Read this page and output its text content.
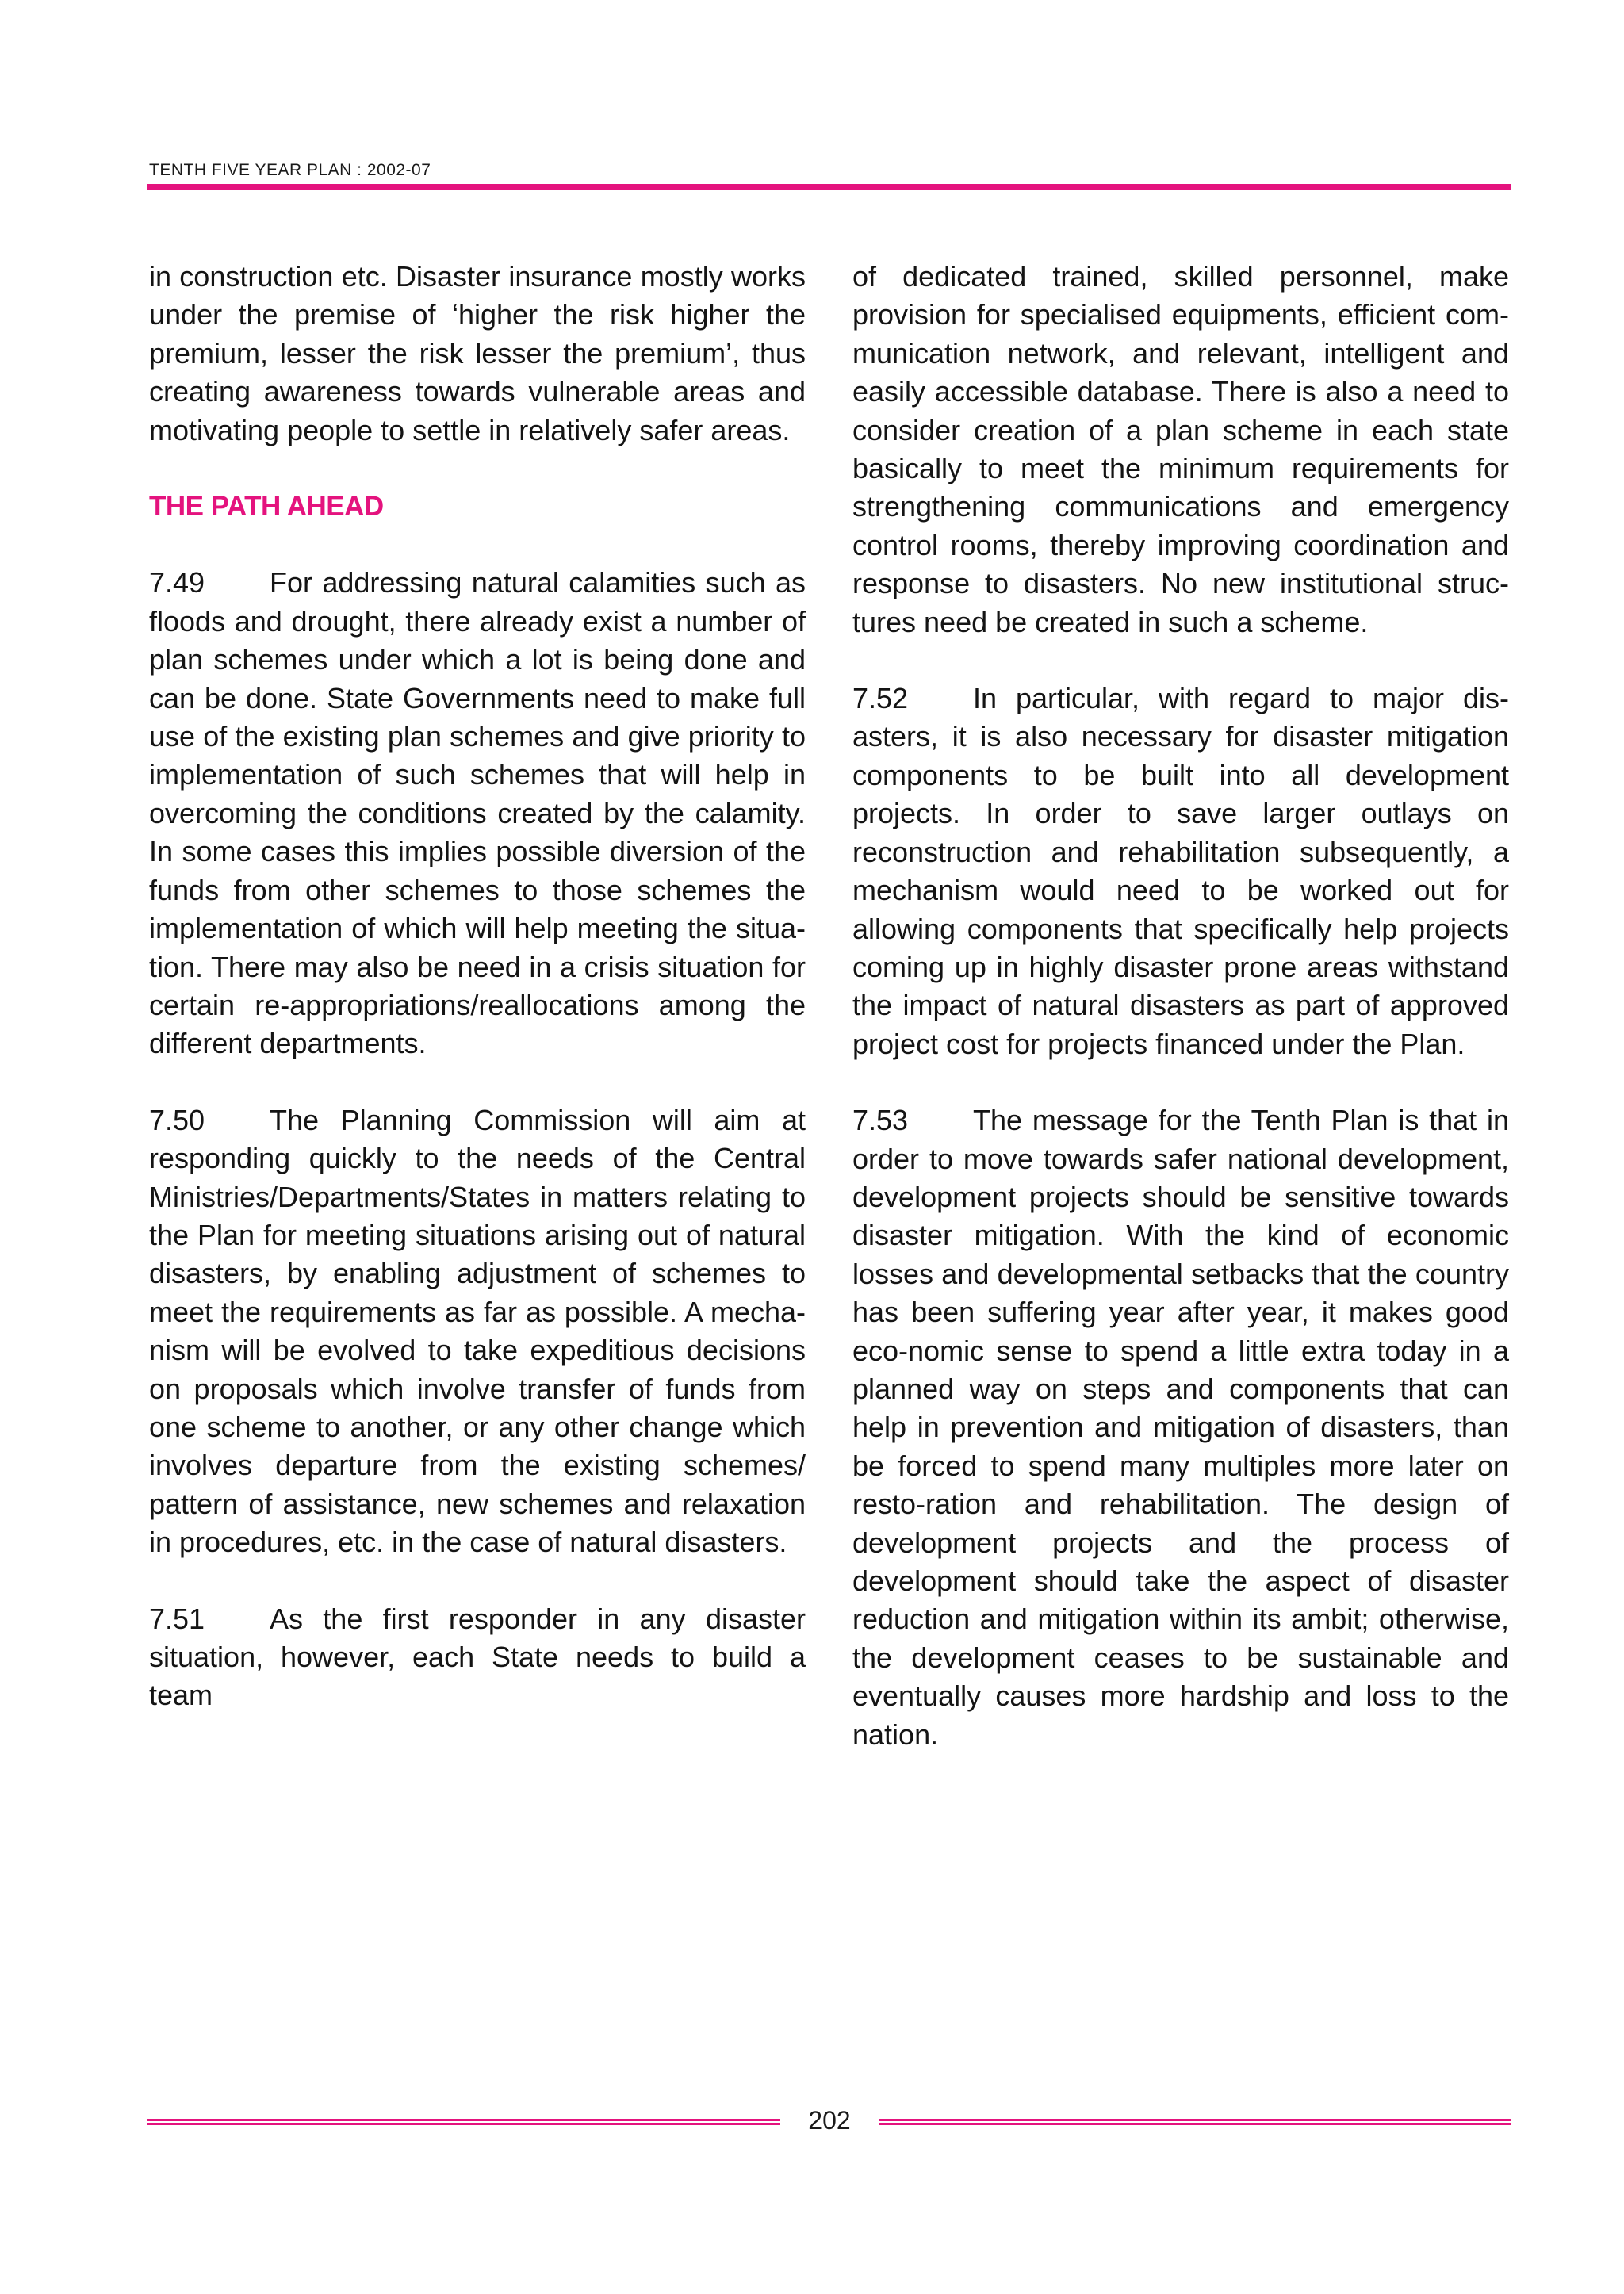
TENTH FIVE YEAR PLAN : 2002-07

in construction etc. Disaster insurance mostly works under the premise of ‘higher the risk higher the premium, lesser the risk lesser the premium’, thus creating awareness towards vulnerable areas and motivating people to settle in relatively safer areas.

THE PATH AHEAD

7.49 For addressing natural calamities such as floods and drought, there already exist a number of plan schemes under which a lot is being done and can be done. State Governments need to make full use of the existing plan schemes and give priority to implementation of such schemes that will help in overcoming the conditions created by the calamity. In some cases this implies possible diversion of the funds from other schemes to those schemes the implementation of which will help meeting the situa-tion. There may also be need in a crisis situation for certain re-appropriations/reallocations among the different departments.

7.50 The Planning Commission will aim at responding quickly to the needs of the Central Ministries/Departments/States in matters relating to the Plan for meeting situations arising out of natural disasters, by enabling adjustment of schemes to meet the requirements as far as possible. A mecha-nism will be evolved to take expeditious decisions on proposals which involve transfer of funds from one scheme to another, or any other change which involves departure from the existing schemes/ pattern of assistance, new schemes and relaxation in procedures, etc. in the case of natural disasters.

7.51 As the first responder in any disaster situation, however, each State needs to build a team

of dedicated trained, skilled personnel, make provision for specialised equipments, efficient com-munication network, and relevant, intelligent and easily accessible database. There is also a need to consider creation of a plan scheme in each state basically to meet the minimum requirements for strengthening communications and emergency control rooms, thereby improving coordination and response to disasters. No new institutional struc-tures need be created in such a scheme.

7.52 In particular, with regard to major dis-asters, it is also necessary for disaster mitigation components to be built into all development projects. In order to save larger outlays on reconstruction and rehabilitation subsequently, a mechanism would need to be worked out for allowing components that specifically help projects coming up in highly disaster prone areas withstand the impact of natural disasters as part of approved project cost for projects financed under the Plan.

7.53 The message for the Tenth Plan is that in order to move towards safer national development, development projects should be sensitive towards disaster mitigation. With the kind of economic losses and developmental setbacks that the country has been suffering year after year, it makes good eco-nomic sense to spend a little extra today in a planned way on steps and components that can help in prevention and mitigation of disasters, than be forced to spend many multiples more later on resto-ration and rehabilitation. The design of development projects and the process of development should take the aspect of disaster reduction and mitigation within its ambit; otherwise, the development ceases to be sustainable and eventually causes more hardship and loss to the nation.

202
